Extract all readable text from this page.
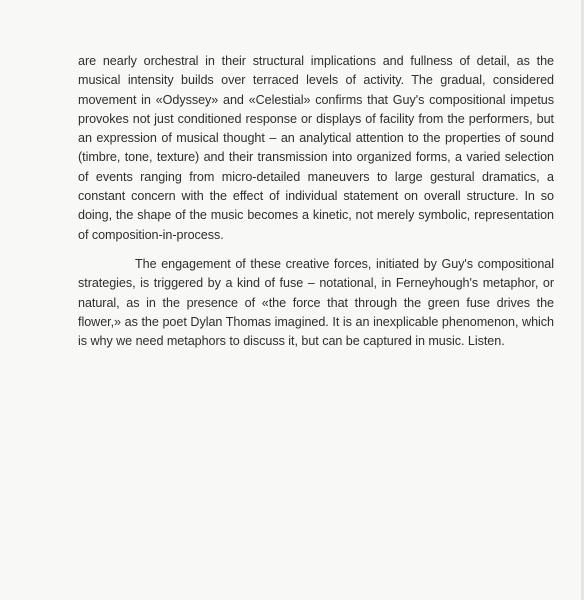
are nearly orchestral in their structural implications and fullness of detail, as the musical intensity builds over terraced levels of activity. The gradual, considered movement in «Odyssey» and «Celestial» confirms that Guy's compositional impetus provokes not just conditioned response or displays of facility from the performers, but an expression of musical thought – an analytical attention to the properties of sound (timbre, tone, texture) and their transmission into organized forms, a varied selection of events ranging from micro-detailed maneuvers to large gestural dramatics, a constant concern with the effect of individual statement on overall structure. In so doing, the shape of the music becomes a kinetic, not merely symbolic, representation of composition-in-process.

The engagement of these creative forces, initiated by Guy's compositional strategies, is triggered by a kind of fuse – notational, in Ferneyhough's metaphor, or natural, as in the presence of «the force that through the green fuse drives the flower,» as the poet Dylan Thomas imagined. It is an inexplicable phenomenon, which is why we need metaphors to discuss it, but can be captured in music. Listen.
